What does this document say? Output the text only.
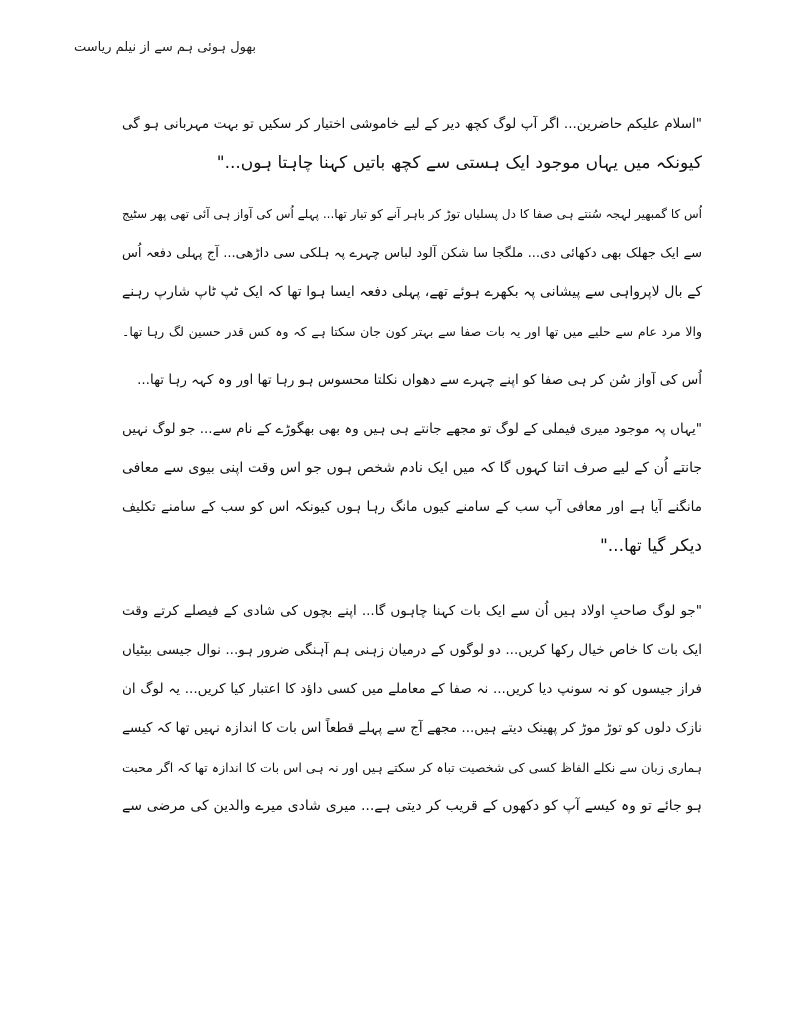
بھول ہوئی ہم سے از نیلم ریاست
"اسلام علیکم حاضرین... اگر آپ لوگ کچھ دیر کے لیے خاموشی اختیار کر سکیں تو بہت مہربانی ہو گی
کیونکہ میں یہاں موجود ایک ہستی سے کچھ باتیں کہنا چاہتا ہوں..."
اُس کا گمبھیر لہجہ سُنتے ہی صفا کا دل پسلیاں توڑ کر باہر آنے کو تیار تھا... پہلے اُس کی آواز ہی آئی تھی پھر سٹیج
سے ایک جھلک بھی دکھائی دی... ملگجا سا شکن آلود لباس چہرے پہ ہلکی سی داڑھی... آج پہلی دفعہ اُس
کے بال لاپرواہی سے پیشانی پہ بکھرے ہوئے تھے، پہلی دفعہ ایسا ہوا تھا کہ ایک ٹپ ٹاپ شارپ رہنے
والا مرد عام سے حلیے میں تھا اور یہ بات صفا سے بہتر کون جان سکتا ہے کہ وہ کس قدر حسین لگ رہا تھا۔
اُس کی آواز سُن کر ہی صفا کو اپنے چہرے سے دھواں نکلتا محسوس ہو رہا تھا اور وہ کہہ رہا تھا...
"یہاں پہ موجود میری فیملی کے لوگ تو مجھے جانتے ہی ہیں وہ بھی بھگوڑے کے نام سے... جو لوگ نہیں
جانتے اُن کے لیے صرف اتنا کہوں گا کہ میں ایک نادم شخص ہوں جو اس وقت اپنی بیوی سے معافی
مانگنے آیا ہے اور معافی آپ سب کے سامنے کیوں مانگ رہا ہوں کیونکہ اس کو سب کے سامنے تکلیف
دیکر گیا تھا..."
"جو لوگ صاحبِ اولاد ہیں اُن سے ایک بات کہنا چاہوں گا... اپنے بچوں کی شادی کے فیصلے کرتے وقت
ایک بات کا خاص خیال رکھا کریں... دو لوگوں کے درمیان زہنی ہم آہنگی ضرور ہو... نوال جیسی بیٹیاں
فراز جیسوں کو نہ سونپ دیا کریں... نہ صفا کے معاملے میں کسی داؤد کا اعتبار کیا کریں... یہ لوگ ان
نازک دلوں کو توڑ موڑ کر پھینک دیتے ہیں... مجھے آج سے پہلے قطعاً اس بات کا اندازہ نہیں تھا کہ کیسے
ہماری زبان سے نکلے الفاظ کسی کی شخصیت تباہ کر سکتے ہیں اور نہ ہی اس بات کا اندازہ تھا کہ اگر محبت
ہو جائے تو وہ کیسے آپ کو دکھوں کے قریب کر دیتی ہے... میری شادی میرے والدین کی مرضی سے
